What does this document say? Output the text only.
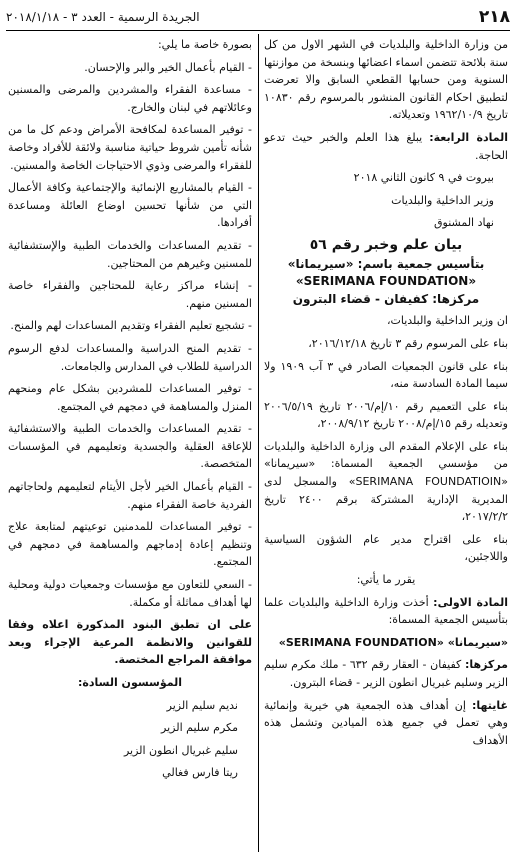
٢١٨
الجريدة الرسمية - العدد ٣ - ٢٠١٨/١/١٨

من وزارة الداخلية والبلديات في الشهر الاول من كل سنة بلائحة تتضمن اسماء اعضائها وبنسخة من موازنتها السنوية ومن حسابها القطعي السابق والا تعرضت لتطبيق احكام القانون المنشور بالمرسوم رقم ١٠٨٣٠ تاريخ ١٩٦٢/١٠/٩ وتعديلاته.

المادة الرابعة: يبلغ هذا العلم والخبر حيث تدعو الحاجة.

بيروت في ٩ كانون الثاني ٢٠١٨

وزير الداخلية والبلديات

نهاد المشنوق

بيان علم وخبر رقم ٥٦
بتأسيس جمعية باسم: «سيريمانا»
«SERIMANA FOUNDATION»
مركزها: كفيفان - قضاء البترون

ان وزير الداخلية والبلديات،

بناء على المرسوم رقم ٣ تاريخ ٢٠١٦/١٢/١٨،

بناء على قانون الجمعيات الصادر في ٣ آب ١٩٠٩ ولا سيما المادة السادسة منه،

بناء على التعميم رقم ١٠/إم/٢٠٠٦ تاريخ ٢٠٠٦/٥/١٩ وتعديله رقم ١٥/إم/٢٠٠٨ تاريخ ٢٠٠٨/٩/١٢،

بناء على الإعلام المقدم الى وزارة الداخلية والبلديات من مؤسسي الجمعية المسماة: «سيريمانا» «SERIMANA FOUNDATIOIN» والمسجل لدى المديرية الإدارية المشتركة برقم ٢٤٠٠ تاريخ ٢٠١٧/٢/٢،

بناء على اقتراح مدير عام الشؤون السياسية واللاجئين،

يقرر ما يأتي:

المادة الاولى: أخذت وزارة الداخلية والبلديات علما بتأسيس الجمعية المسماة:

«سيريمانا» «SERIMANA FOUNDATION»

مركزها: كفيفان - العقار رقم ٦٣٢ - ملك مكرم سليم الزير وسليم غبريال انطون الزير - قضاء البترون.

غايتها: إن أهداف هذه الجمعية هي خيرية وإنمائية وهي تعمل في جميع هذه الميادين وتشمل هذه الأهداف

بصورة خاصة ما يلي:

- القيام بأعمال الخير والبر والإحسان.

- مساعدة الفقراء والمشردين والمرضى والمسنين وعائلاتهم في لبنان والخارج.

- توفير المساعدة لمكافحة الأمراض ودعم كل ما من شأنه تأمين شروط حياتية مناسبة ولائقة للأفراد وخاصة للفقراء والمرضى وذوي الاحتياجات الخاصة والمسنين.

- القيام بالمشاريع الإنمائية والإجتماعية وكافة الأعمال التي من شأنها تحسين اوضاع العائلة ومساعدة أفرادها.

- تقديم المساعدات والخدمات الطبية والإستشفائية للمسنين وغيرهم من المحتاجين.

- إنشاء مراكز رعاية للمحتاجين والفقراء خاصة المسنين منهم.

- تشجيع تعليم الفقراء وتقديم المساعدات لهم والمنح.

- تقديم المنح الدراسية والمساعدات لدفع الرسوم الدراسية للطلاب في المدارس والجامعات.

- توفير المساعدات للمشردين بشكل عام ومنحهم المنزل والمساهمة في دمجهم في المجتمع.

- تقديم المساعدات والخدمات الطبية والاستشفائية للإعاقة العقلية والجسدية وتعليمهم في المؤسسات المتخصصة.

- القيام بأعمال الخير لأجل الأيتام لتعليمهم ولحاجاتهم الفردية خاصة الفقراء منهم.

- توفير المساعدات للمدمنين توعيتهم لمتابعة علاج وتنظيم إعادة إدماجهم والمساهمة في دمجهم في المجتمع.

- السعي للتعاون مع مؤسسات وجمعيات دولية ومحلية لها أهداف مماثلة أو مكملة.

على ان تطبق البنود المذكورة اعلاه وفقا للقوانين والانظمة المرعية الإجراء وبعد موافقة المراجع المختصة.

المؤسسون السادة:

نديم سليم الزير

مكرم سليم الزير

سليم غبريال انطون الزير

ريتا فارس فغالي
